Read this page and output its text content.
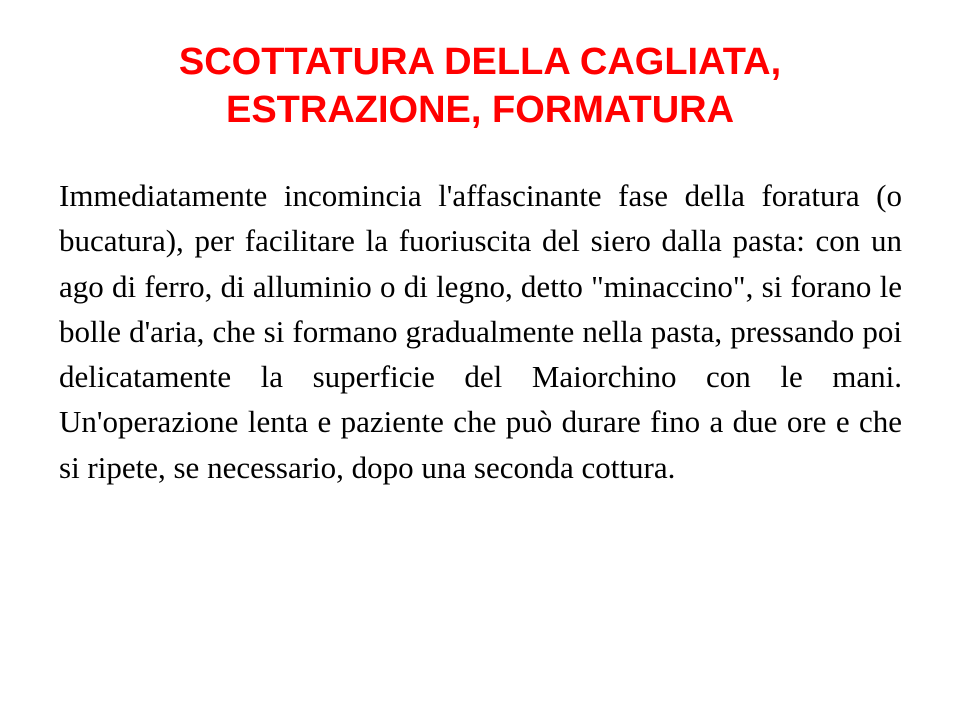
SCOTTATURA DELLA CAGLIATA,
ESTRAZIONE, FORMATURA

Immediatamente incomincia l'affascinante fase della foratura (o bucatura), per facilitare la fuoriuscita del siero dalla pasta: con un ago di ferro, di alluminio o di legno, detto "minaccino", si forano le bolle d'aria, che si formano gradualmente nella pasta, pressando poi delicatamente la superficie del Maiorchino con le mani. Un'operazione lenta e paziente che può durare fino a due ore e che si ripete, se necessario, dopo una seconda cottura.
